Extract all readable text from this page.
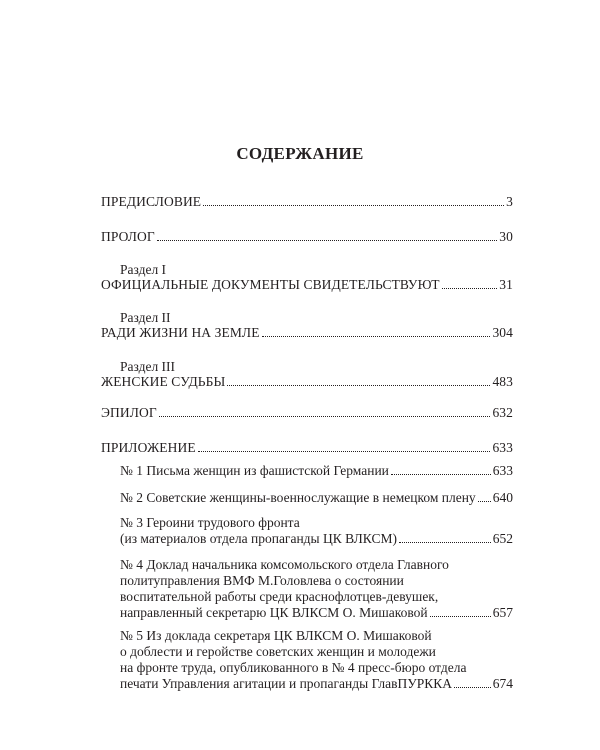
СОДЕРЖАНИЕ
ПРЕДИСЛОВИЕ	3
ПРОЛОГ	30
Раздел I
ОФИЦИАЛЬНЫЕ ДОКУМЕНТЫ СВИДЕТЕЛЬСТВУЮТ	31
Раздел II
РАДИ ЖИЗНИ НА ЗЕМЛЕ	304
Раздел III
ЖЕНСКИЕ СУДЬБЫ	483
ЭПИЛОГ	632
ПРИЛОЖЕНИЕ	633
№ 1 Письма женщин из фашистской Германии	633
№ 2 Советские женщины-военнослужащие в немецком плену 640
№ 3 Героини трудового фронта
(из материалов отдела пропаганды ЦК ВЛКСМ)	652
№ 4 Доклад начальника комсомольского отдела Главного
политуправления ВМФ М.Головлева о состоянии
воспитательной работы среди краснофлотцев-девушек,
направленный секретарю ЦК ВЛКСМ О. Мишаковой	657
№ 5 Из доклада секретаря ЦК ВЛКСМ О. Мишаковой
о доблести и геройстве советских женщин и молодежи
на фронте труда, опубликованного в № 4 пресс-бюро отдела
печати Управления агитации и пропаганды ГлавПУРККА	674
